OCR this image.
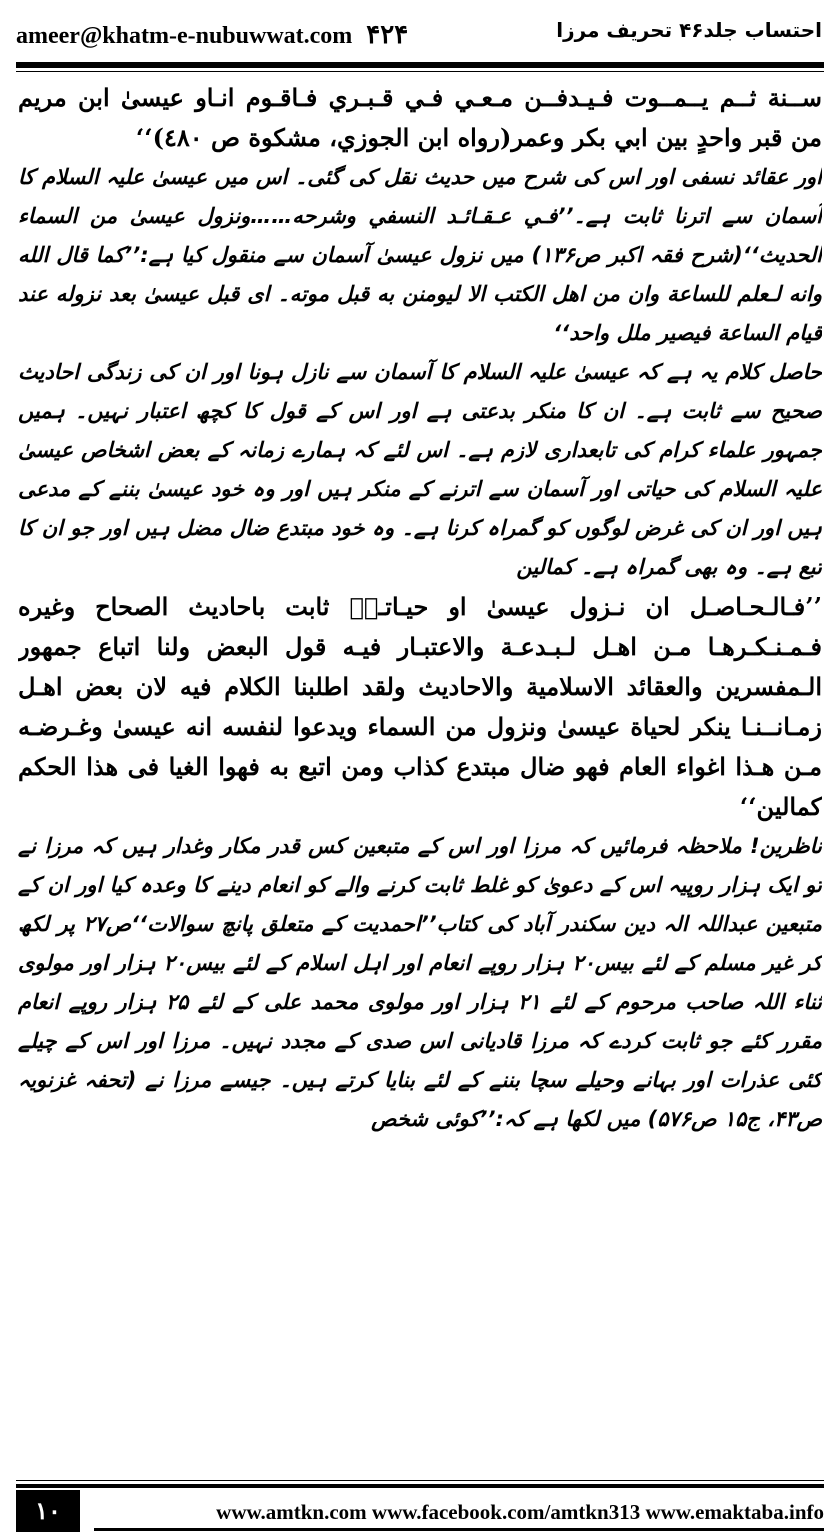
ameer@khatm-e-nubuwwat.com ۴۲۴	احتساب جلد۴۶ تحریف مرزا

ســنة ثــم يــمــوت فـيـدفــن مـعـي فـي قـبـري فـاقـوم انـاو عيسىٰ ابن مريم من قبر واحدٍ بين ابي بكر وعمر(رواه ابن الجوزي، مشكوة ص ٤٨٠)‘‘

اور عقائد نسفی اور اس کی شرح میں حدیث نقل کی گئی۔ اس میں عیسیٰ علیہ السلام کا آسمان سے اترنا ثابت ہے۔’’فـي عـقـائـد النسفي وشرحه……ونزول عيسىٰ من السماء الحديث‘‘(شرح فقہ اکبر ص۱۳۶) میں نزول عیسیٰ آسمان سے منقول کیا ہے:’’كما قال الله وانه لـعلم للساعة وان من اهل الكتب الا ليومنن به قبل موته۔ اى قبل عيسىٰ بعد نزوله عند قيام الساعة فيصير ملل واحد‘‘

حاصل کلام یہ ہے کہ عیسیٰ علیہ السلام کا آسمان سے نازل ہونا اور ان کی زندگی احادیث صحیح سے ثابت ہے۔ ان کا منکر بدعتی ہے اور اس کے قول کا کچھ اعتبار نہیں۔ ہمیں جمہور علماء کرام کی تابعداری لازم ہے۔ اس لئے کہ ہمارے زمانہ کے بعض اشخاص عیسیٰ علیہ السلام کی حیاتی اور آسمان سے اترنے کے منکر ہیں اور وہ خود عیسیٰ بننے کے مدعی ہیں اور ان کی غرض لوگوں کو گمراہ کرنا ہے۔ وہ خود مبتدع ضال مضل ہیں اور جو ان کا تبع ہے۔ وہ بھی گمراہ ہے۔ کمالین

’’فـالـحـاصـل ان نـزول عيسىٰ او حيـاتـهٖ ثابت باحاديث الصحاح وغيره فـمـنـكـرهـا مـن اهـل لـبـدعـة والاعتبـار فيـه قول البعض ولنا اتباع جمهور الـمفسرين والعقائد الاسلامية والاحاديث ولقد اطلبنا الكلام فيه لان بعض اهـل زمـانــنـا ينكر لحياة عيسىٰ ونزول من السماء ويدعوا لنفسه انه عيسىٰ وغـرضـه مـن هـذا اغواء العام فهو ضال مبتدع كذاب ومن اتبع به فهوا الغيا فى هذا الحكم كمالين‘‘

ناظرین! ملاحظہ فرمائیں کہ مرزا اور اس کے متبعین کس قدر مکار وغدار ہیں کہ مرزا نے تو ایک ہزار روپیہ اس کے دعویٰ کو غلط ثابت کرنے والے کو انعام دینے کا وعدہ کیا اور ان کے متبعین عبداللہ الہ دین سکندر آباد کی کتاب’’احمدیت کے متعلق پانچ سوالات‘‘ص۲۷ پر لکھ کر غیر مسلم کے لئے بیس۲۰ ہزار روپے انعام اور اہل اسلام کے لئے بیس۲۰ ہزار اور مولوی ثناء اللہ صاحب مرحوم کے لئے ۲۱ ہزار اور مولوی محمد علی کے لئے ۲۵ ہزار روپے انعام مقرر کئے جو ثابت کردے کہ مرزا قادیانی اس صدی کے مجدد نہیں۔ مرزا اور اس کے چیلے کئی عذرات اور بہانے وحیلے سچا بننے کے لئے بنایا کرتے ہیں۔ جیسے مرزا نے (تحفہ غزنویہ ص۴۳، ج۱۵ ص۵۷۶) میں لکھا ہے کہ:’’کوئی شخص

۱۰	www.amtkn.com www.facebook.com/amtkn313 www.emaktaba.info
